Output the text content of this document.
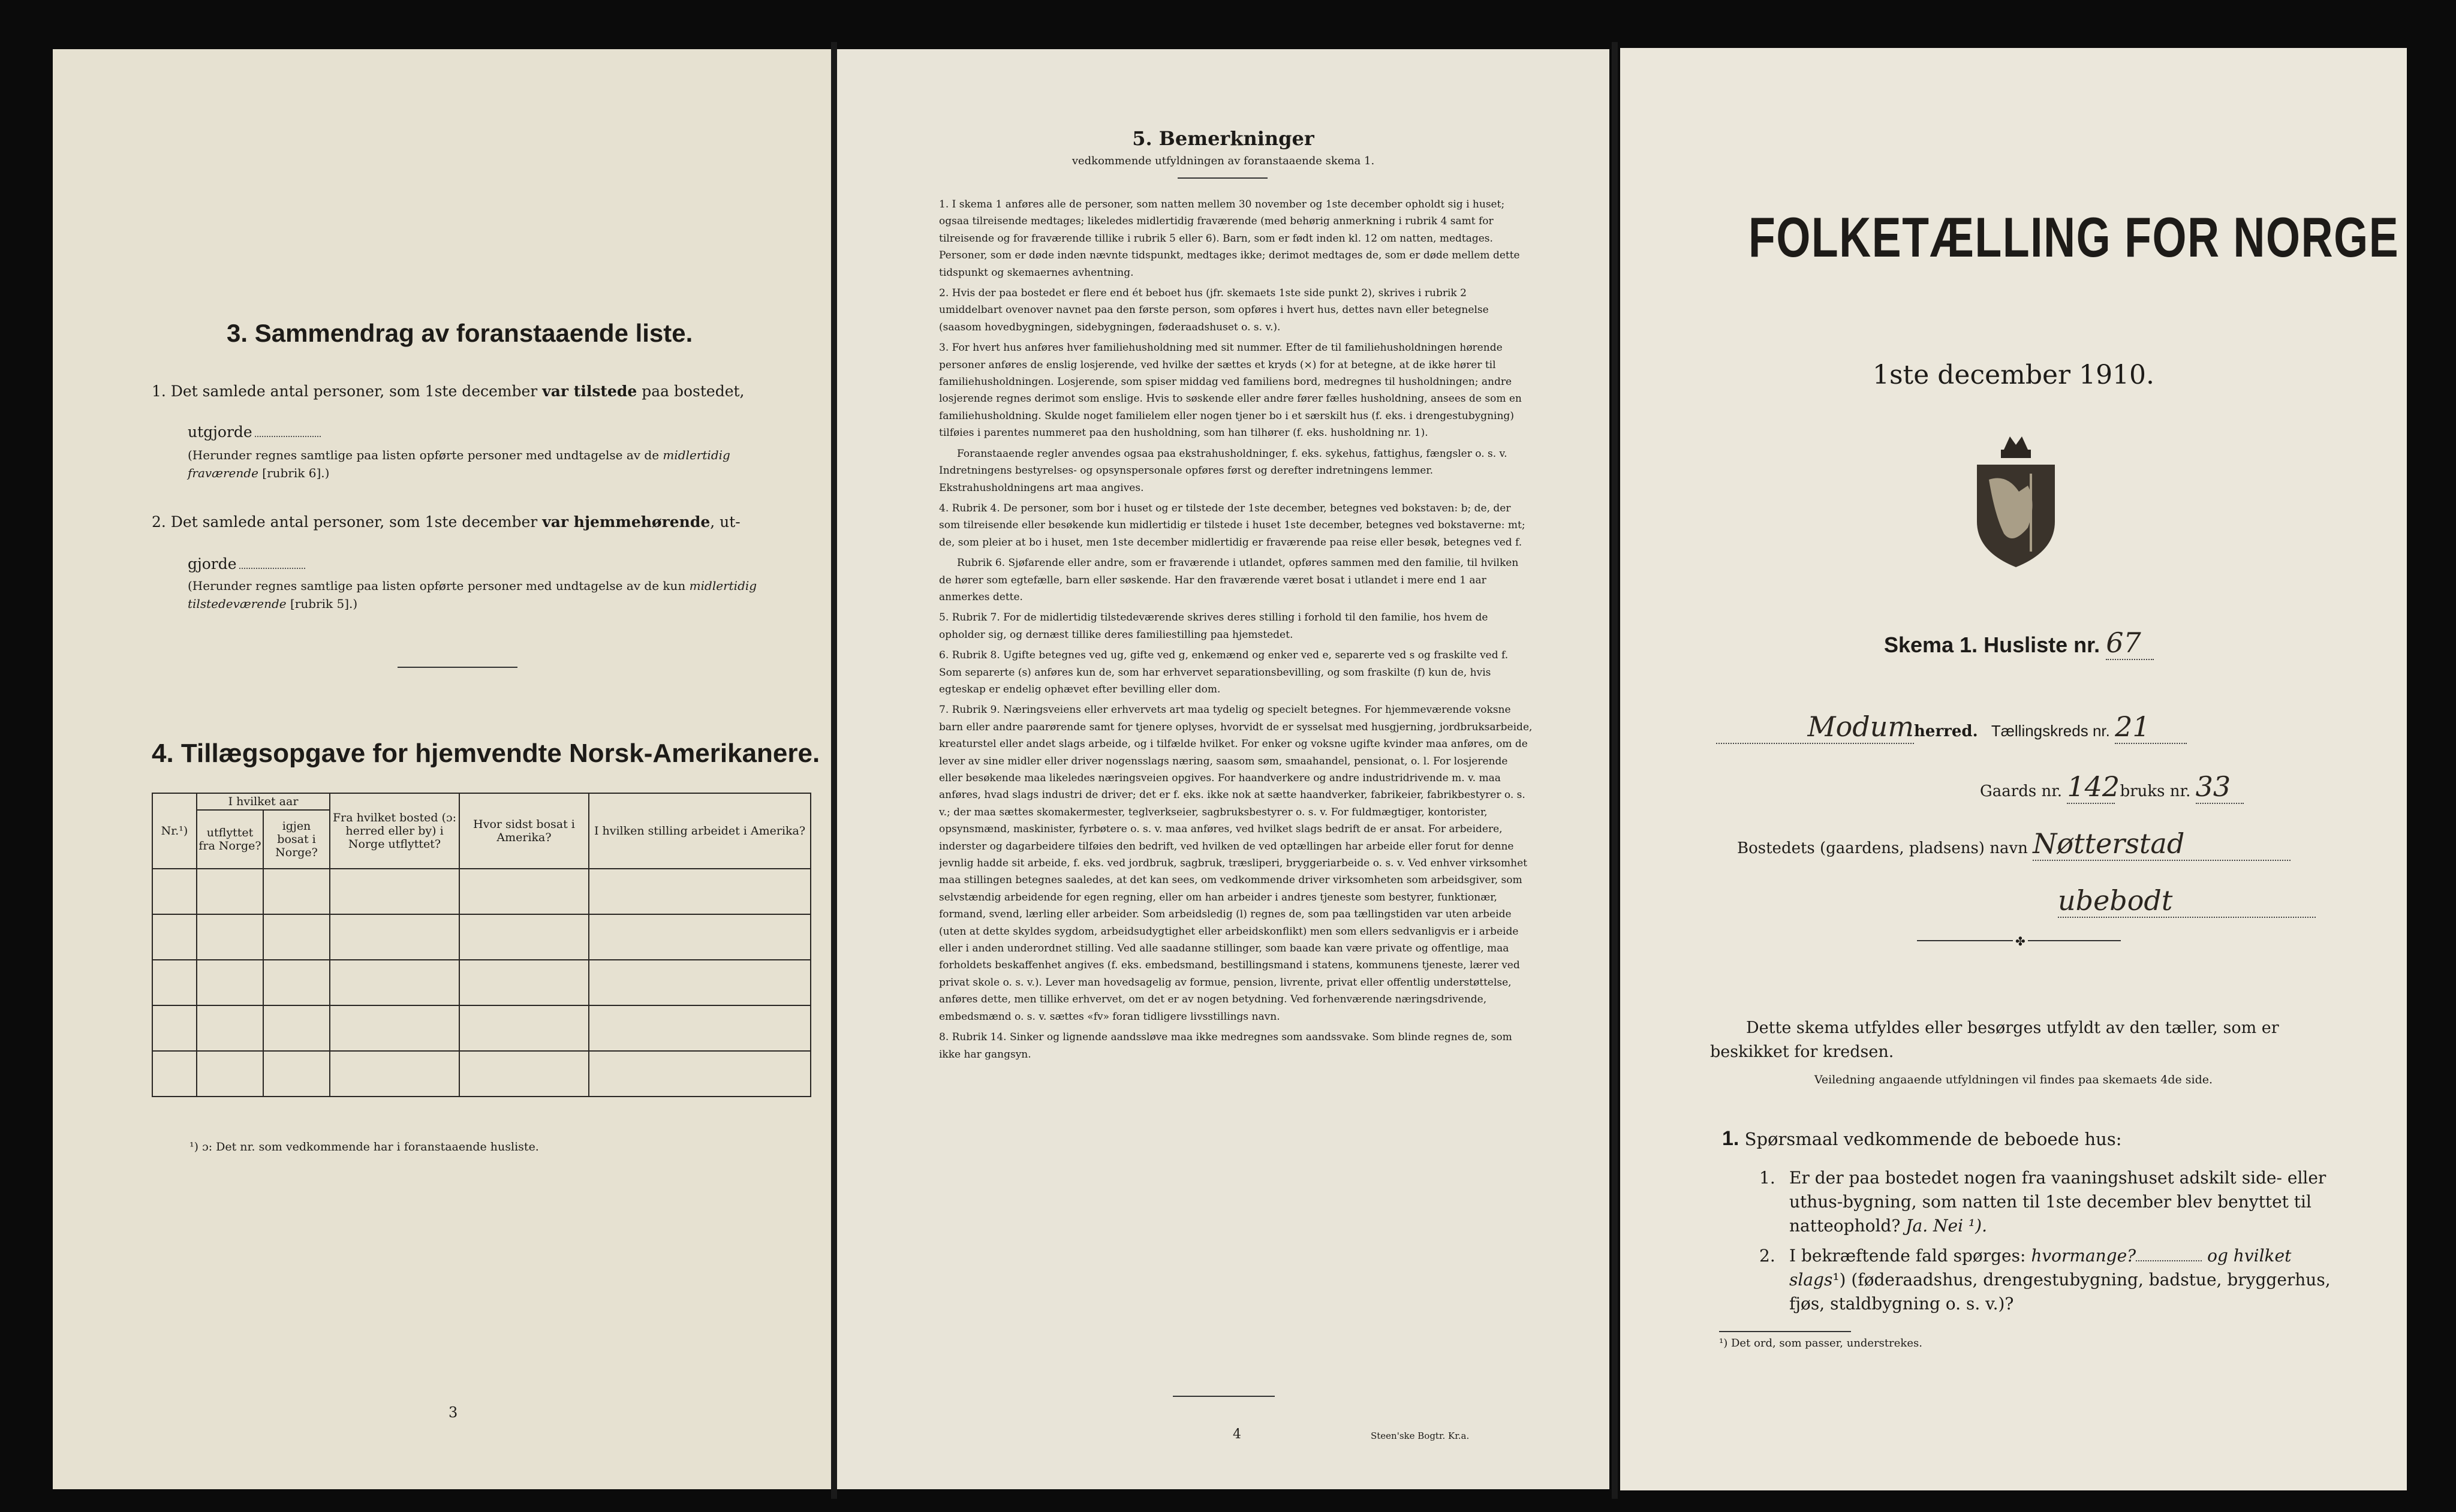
3. Sammendrag av foranstaaende liste.
1. Det samlede antal personer, som 1ste december var tilstede paa bostedet,
utgjorde
(Herunder regnes samtlige paa listen opførte personer med undtagelse av de midlertidig fraværende [rubrik 6].)
2. Det samlede antal personer, som 1ste december var hjemmehørende, ut-
gjorde
(Herunder regnes samtlige paa listen opførte personer med undtagelse av de kun midlertidig tilstedeværende [rubrik 5].)
4. Tillægsopgave for hjemvendte Norsk-Amerikanere.
Nr.¹)	I hvilket aar		Fra hvilket bosted (ɔ: herred eller by) i Norge utflyttet?	Hvor sidst bosat i Amerika?	I hvilken stilling arbeidet i Amerika?
	utflyttet fra Norge?	igjen bosat i Norge?			

¹) ɔ: Det nr. som vedkommende har i foranstaaende husliste.
3
5. Bemerkninger
vedkommende utfyldningen av foranstaaende skema 1.

1. I skema 1 anføres alle de personer, som natten mellem 30 november og 1ste december opholdt sig i huset; ogsaa tilreisende medtages; likeledes midlertidig fraværende (med behørig anmerkning i rubrik 4 samt for tilreisende og for fraværende tillike i rubrik 5 eller 6). Barn, som er født inden kl. 12 om natten, medtages. Personer, som er døde inden nævnte tidspunkt, medtages ikke; derimot medtages de, som er døde mellem dette tidspunkt og skemaernes avhentning.

2. Hvis der paa bostedet er flere end ét beboet hus (jfr. skemaets 1ste side punkt 2), skrives i rubrik 2 umiddelbart ovenover navnet paa den første person, som opføres i hvert hus, dettes navn eller betegnelse (saasom hovedbygningen, sidebygningen, føderaadshuset o. s. v.).

3. For hvert hus anføres hver familiehusholdning med sit nummer. Efter de til familiehusholdningen hørende personer anføres de enslig losjerende, ved hvilke der sættes et kryds (×) for at betegne, at de ikke hører til familiehusholdningen. Losjerende, som spiser middag ved familiens bord, medregnes til husholdningen; andre losjerende regnes derimot som enslige. Hvis to søskende eller andre fører fælles husholdning, ansees de som en familiehusholdning. Skulde noget familielem eller nogen tjener bo i et særskilt hus (f. eks. i drengestubygning) tilføies i parentes nummeret paa den husholdning, som han tilhører (f. eks. husholdning nr. 1).

Foranstaaende regler anvendes ogsaa paa ekstrahusholdninger, f. eks. sykehus, fattighus, fængsler o. s. v. Indretningens bestyrelses- og opsynspersonale opføres først og derefter indretningens lemmer. Ekstrahusholdningens art maa angives.

4. Rubrik 4. De personer, som bor i huset og er tilstede der 1ste december, betegnes ved bokstaven: b; de, der som tilreisende eller besøkende kun midlertidig er tilstede i huset 1ste december, betegnes ved bokstaverne: mt; de, som pleier at bo i huset, men 1ste december midlertidig er fraværende paa reise eller besøk, betegnes ved f.

Rubrik 6. Sjøfarende eller andre, som er fraværende i utlandet, opføres sammen med den familie, til hvilken de hører som egtefælle, barn eller søskende. Har den fraværende været bosat i utlandet i mere end 1 aar anmerkes dette.

5. Rubrik 7. For de midlertidig tilstedeværende skrives deres stilling i forhold til den familie, hos hvem de opholder sig, og dernæst tillike deres familiestilling paa hjemstedet.

6. Rubrik 8. Ugifte betegnes ved ug, gifte ved g, enkemænd og enker ved e, separerte ved s og fraskilte ved f. Som separerte (s) anføres kun de, som har erhvervet separationsbevilling, og som fraskilte (f) kun de, hvis egteskap er endelig ophævet efter bevilling eller dom.

7. Rubrik 9. Næringsveiens eller erhvervets art maa tydelig og specielt betegnes. For hjemmeværende voksne barn eller andre paarørende samt for tjenere oplyses, hvorvidt de er sysselsat med husgjerning, jordbruksarbeide, kreaturstel eller andet slags arbeide, og i tilfælde hvilket. For enker og voksne ugifte kvinder maa anføres, om de lever av sine midler eller driver nogensslags næring, saasom søm, smaahandel, pensionat, o. l. For losjerende eller besøkende maa likeledes næringsveien opgives. For haandverkere og andre industridrivende m. v. maa anføres, hvad slags industri de driver; det er f. eks. ikke nok at sætte haandverker, fabrikeier, fabrikbestyrer o. s. v.; der maa sættes skomakermester, teglverkseier, sagbruksbestyrer o. s. v. For fuldmægtiger, kontorister, opsynsmænd, maskinister, fyrbøtere o. s. v. maa anføres, ved hvilket slags bedrift de er ansat. For arbeidere, inderster og dagarbeidere tilføies den bedrift, ved hvilken de ved optællingen har arbeide eller forut for denne jevnlig hadde sit arbeide, f. eks. ved jordbruk, sagbruk, træsliperi, bryggeriarbeide o. s. v. Ved enhver virksomhet maa stillingen betegnes saaledes, at det kan sees, om vedkommende driver virksomheten som arbeidsgiver, som selvstændig arbeidende for egen regning, eller om han arbeider i andres tjeneste som bestyrer, funktionær, formand, svend, lærling eller arbeider. Som arbeidsledig (l) regnes de, som paa tællingstiden var uten arbeide (uten at dette skyldes sygdom, arbeidsudygtighet eller arbeidskonflikt) men som ellers sedvanligvis er i arbeide eller i anden underordnet stilling. Ved alle saadanne stillinger, som baade kan være private og offentlige, maa forholdets beskaffenhet angives (f. eks. embedsmand, bestillingsmand i statens, kommunens tjeneste, lærer ved privat skole o. s. v.). Lever man hovedsagelig av formue, pension, livrente, privat eller offentlig understøttelse, anføres dette, men tillike erhvervet, om det er av nogen betydning. Ved forhenværende næringsdrivende, embedsmænd o. s. v. sættes «fv» foran tidligere livsstillings navn.

8. Rubrik 14. Sinker og lignende aandssløve maa ikke medregnes som aandssvake. Som blinde regnes de, som ikke har gangsyn.

4	Steen'ske Bogtr. Kr.a.
FOLKETÆLLING FOR NORGE
1ste december 1910.
Skema 1. Husliste nr. 67
Modumherred. Tællingskreds nr. 21
Gaards nr. 142 bruks nr. 33
Bostedets (gaardens, pladsens) navn Nøtterstad
ubebodt
✤
Dette skema utfyldes eller besørges utfyldt av den tæller, som er beskikket for kredsen.
Veiledning angaaende utfyldningen vil findes paa skemaets 4de side.
1. Spørsmaal vedkommende de beboede hus:
1. Er der paa bostedet nogen fra vaaningshuset adskilt side- eller uthus-bygning, som natten til 1ste december blev benyttet til natteophold? Ja. Nei ¹).
2. I bekræftende fald spørges: hvormange?	og hvilket slags¹) (føderaadshus, drengestubygning, badstue, bryggerhus, fjøs, staldbygning o. s. v.)?
¹) Det ord, som passer, understrekes.
